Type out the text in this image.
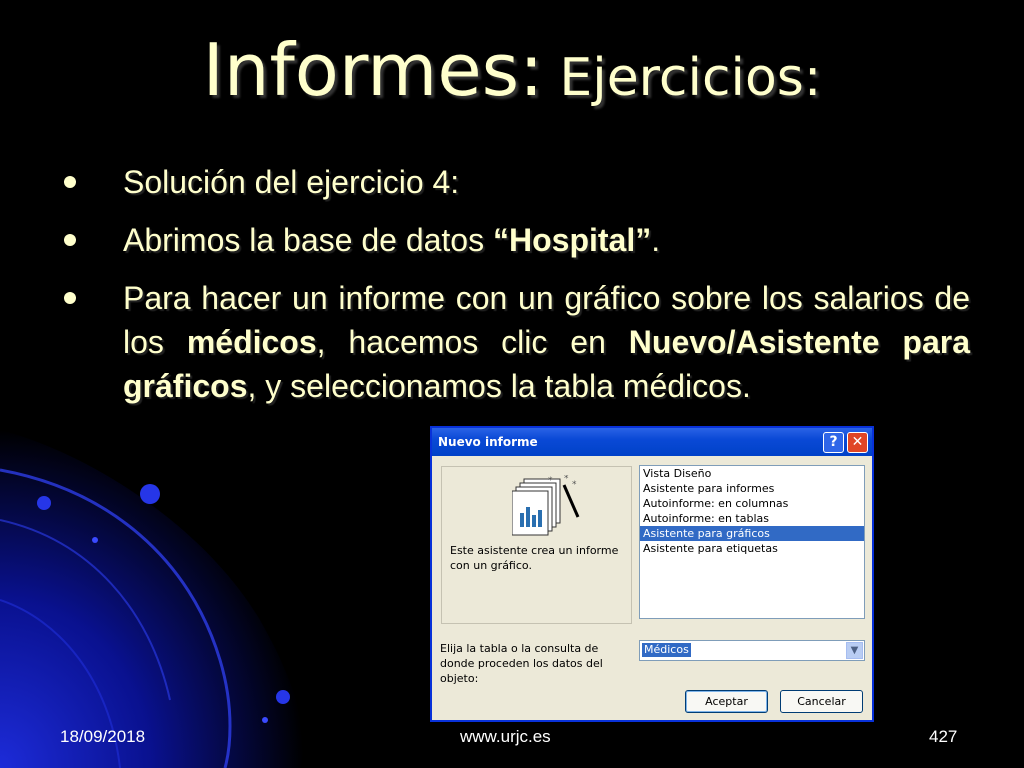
Informes: Ejercicios:
Solución del ejercicio 4:
Abrimos la base de datos “Hospital”.
Para hacer un informe con un gráfico sobre los salarios de los médicos, hacemos clic en Nuevo/Asistente para gráficos, y seleccionamos la tabla médicos.
Nuevo informe	?	✕
* *
*
Este asistente crea un informe con un gráfico.
Vista Diseño
Asistente para informes
Autoinforme: en columnas
Autoinforme: en tablas
Asistente para gráficos
Asistente para etiquetas
Elija la tabla o la consulta de donde proceden los datos del objeto:
Médicos	▼
Aceptar	Cancelar
18/09/2018	www.urjc.es	427
